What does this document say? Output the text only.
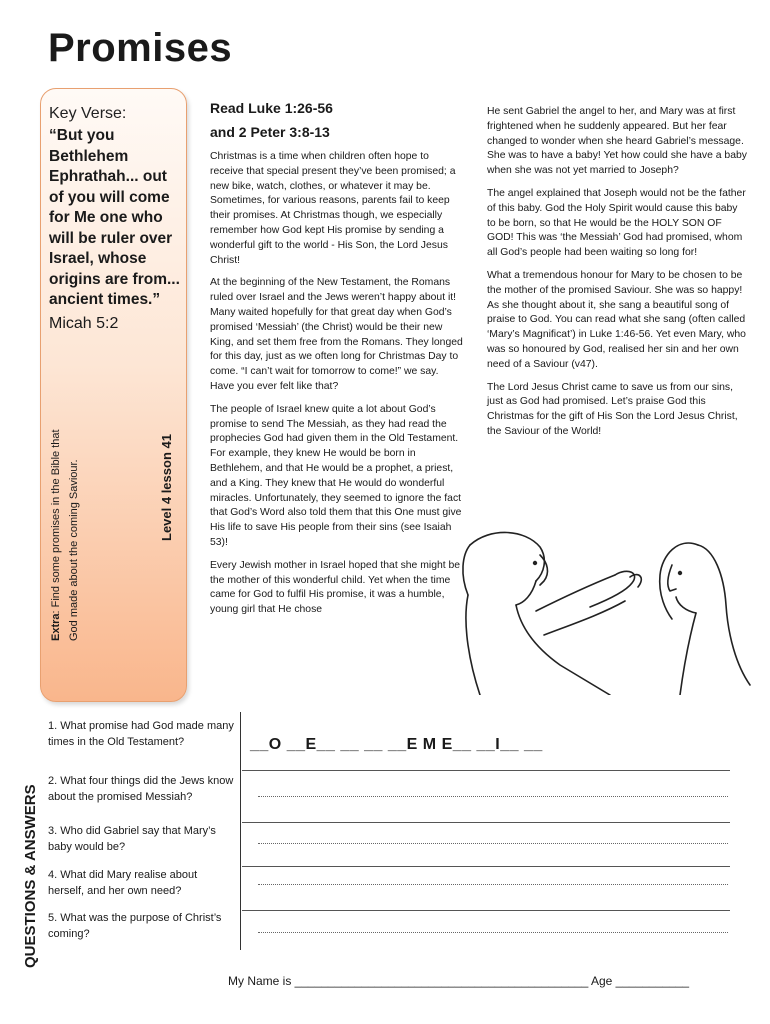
Promises
Key Verse:
“But you Bethlehem Ephrathah... out of you will come for Me one who will be ruler over Israel, whose origins are from... ancient times.”
Micah 5:2
Extra: Find some promises in the Bible that God made about the coming Saviour.	Level 4 lesson 41
Read Luke 1:26-56
and 2 Peter 3:8-13

Christmas is a time when children often hope to receive that special present they’ve been promised; a new bike, watch, clothes, or whatever it may be. Sometimes, for various reasons, parents fail to keep their promises. At Christmas though, we especially remember how God kept His promise by sending a wonderful gift to the world - His Son, the Lord Jesus Christ!

At the beginning of the New Testament, the Romans ruled over Israel and the Jews weren’t happy about it! Many waited hopefully for that great day when God’s promised ‘Messiah’ (the Christ) would be their new King, and set them free from the Romans. They longed for this day, just as we often long for Christmas Day to come. “I can’t wait for tomorrow to come!” we say. Have you ever felt like that?

The people of Israel knew quite a lot about God’s promise to send The Messiah, as they had read the prophecies God had given them in the Old Testament. For example, they knew He would be born in Bethlehem, and that He would be a prophet, a priest, and a King. They knew that He would do wonderful miracles. Unfortunately, they seemed to ignore the fact that God’s Word also told them that this One must give His life to save His people from their sins (see Isaiah 53)!

Every Jewish mother in Israel hoped that she might be the mother of this wonderful child. Yet when the time came for God to fulfil His promise, it was a humble, young girl that He chose

He sent Gabriel the angel to her, and Mary was at first frightened when he suddenly appeared. But her fear changed to wonder when she heard Gabriel’s message. She was to have a baby! Yet how could she have a baby when she was not yet married to Joseph?

The angel explained that Joseph would not be the father of this baby. God the Holy Spirit would cause this baby to be born, so that He would be the HOLY SON OF GOD! This was ‘the Messiah’ God had promised, whom all God’s people had been waiting so long for!

What a tremendous honour for Mary to be chosen to be the mother of the promised Saviour. She was so happy! As she thought about it, she sang a beautiful song of praise to God. You can read what she sang (often called ‘Mary’s Magnificat’) in Luke 1:46-56. Yet even Mary, who was so honoured by God, realised her sin and her own need of a Saviour (v47).

The Lord Jesus Christ came to save us from our sins, just as God had promised. Let’s praise God this Christmas for the gift of His Son the Lord Jesus Christ, the Saviour of the World!

QUESTIONS & ANSWERS
1. What promise had God made many times in the Old Testament?	__O __E__ __ __ __E M E__ __I__ __
2. What four things did the Jews know about the promised Messiah?
3. Who did Gabriel say that Mary’s baby would be?
4. What did Mary realise about herself, and her own need?
5. What was the purpose of Christ’s coming?
My Name is ____________________________________________ Age ___________
